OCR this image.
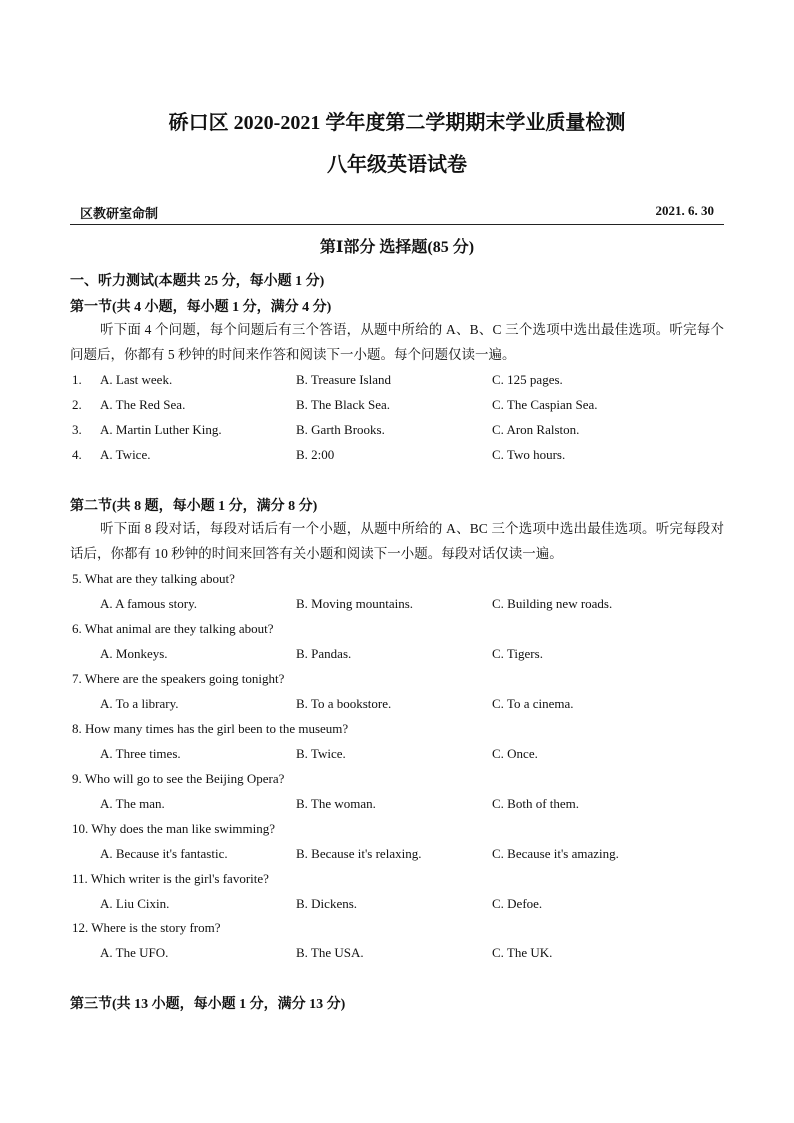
硚口区 2020-2021 学年度第二学期期末学业质量检测
八年级英语试卷
区教研室命制	2021. 6. 30
第Ⅰ部分 选择题(85 分)
一、听力测试(本题共 25 分，每小题 1 分)
第一节(共 4 小题，每小题 1 分，满分 4 分)
听下面 4 个问题，每个问题后有三个答语，从题中所给的 A、B、C 三个选项中选出最佳选项。听完每个问题后，你都有 5 秒钟的时间来作答和阅读下一小题。每个问题仅读一遍。
1. A. Last week.	B. Treasure Island	C. 125 pages.
2. A. The Red Sea.	B. The Black Sea.	C. The Caspian Sea.
3. A. Martin Luther King.	B. Garth Brooks.	C. Aron Ralston.
4. A. Twice.	B. 2:00	C. Two hours.
第二节(共 8 题，每小题 1 分，满分 8 分)
听下面 8 段对话，每段对话后有一个小题，从题中所给的 A、BC 三个选项中选出最佳选项。听完每段对话后，你都有 10 秒钟的时间来回答有关小题和阅读下一小题。每段对话仅读一遍。
5. What are they talking about?
A. A famous story.	B. Moving mountains.	C. Building new roads.
6. What animal are they talking about?
A. Monkeys.	B. Pandas.	C. Tigers.
7. Where are the speakers going tonight?
A. To a library.	B. To a bookstore.	C. To a cinema.
8. How many times has the girl been to the museum?
A. Three times.	B. Twice.	C. Once.
9. Who will go to see the Beijing Opera?
A. The man.	B. The woman.	C. Both of them.
10. Why does the man like swimming?
A. Because it's fantastic.	B. Because it's relaxing.	C. Because it's amazing.
11. Which writer is the girl's favorite?
A. Liu Cixin.	B. Dickens.	C. Defoe.
12. Where is the story from?
A. The UFO.	B. The USA.	C. The UK.
第三节(共 13 小题，每小题 1 分，满分 13 分)
